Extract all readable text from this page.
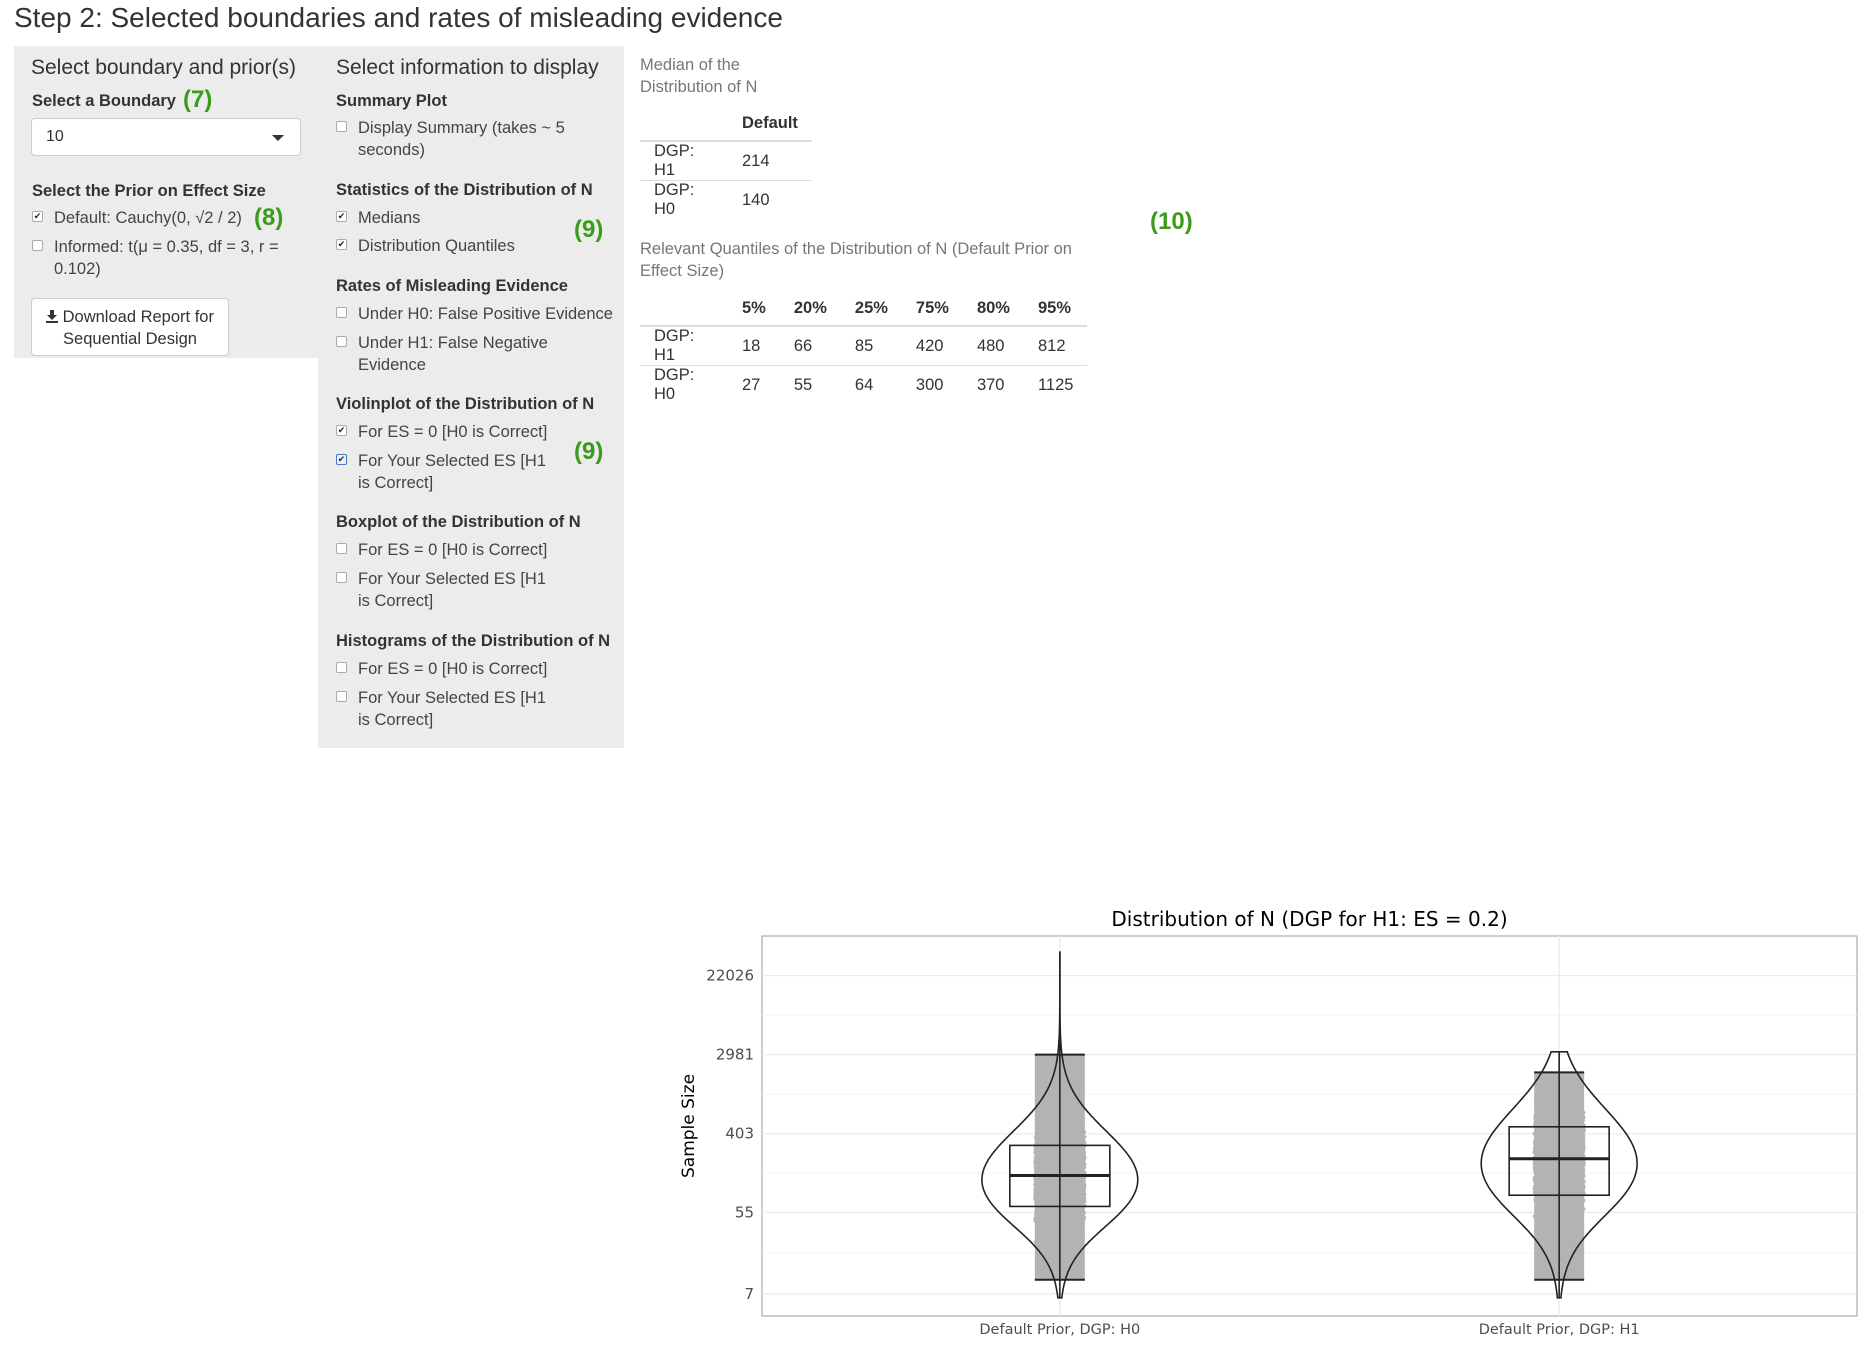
Step 2: Selected boundaries and rates of misleading evidence
Select boundary and prior(s)
Select a Boundary (7)
10
Select the Prior on Effect Size
✔
Default: Cauchy(0, √2 / 2) (8)
Informed: t(μ = 0.35, df = 3, r = 0.102)
Download Report for Sequential Design
Select information to display
Summary Plot
Display Summary (takes ~ 5 seconds)
Statistics of the Distribution of N
✔
Medians
✔
Distribution Quantiles
(9)
Rates of Misleading Evidence
Under H0: False Positive Evidence
Under H1: False Negative Evidence
Violinplot of the Distribution of N
✔
For ES = 0 [H0 is Correct]
✔
For Your Selected ES [H1 is Correct]
(9)
Boxplot of the Distribution of N
For ES = 0 [H0 is Correct]
For Your Selected ES [H1 is Correct]
Histograms of the Distribution of N
For ES = 0 [H0 is Correct]
For Your Selected ES [H1 is Correct]
Median of the Distribution of N
	Default
DGP: H1	214
DGP: H0	140
(10)
Relevant Quantiles of the Distribution of N (Default Prior on Effect Size)
	5%	20%	25%	75%	80%	95%
DGP: H1	18	66	85	420	480	812
DGP: H0	27	55	64	300	370	1125
7
55
403
2981
22026
Default Prior, DGP: H0	Default Prior, DGP: H1
Distribution of N (DGP for H1: ES = 0.2)
Sample Size
